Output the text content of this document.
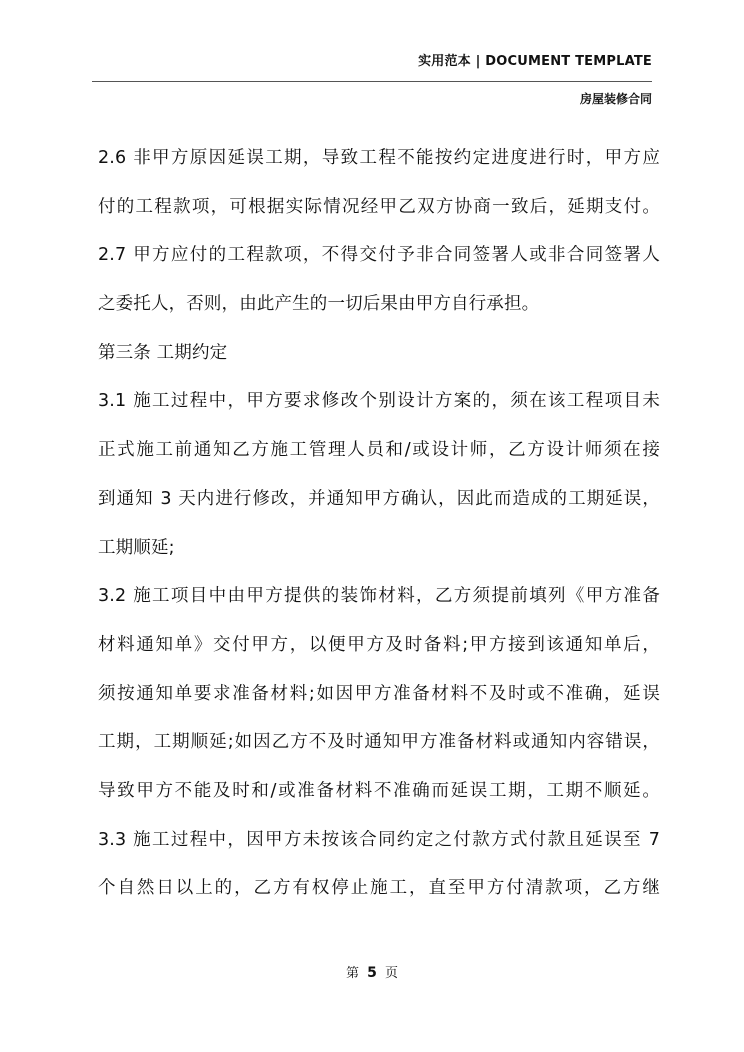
实用范本 | DOCUMENT TEMPLATE
房屋装修合同
2.6 非甲方原因延误工期，导致工程不能按约定进度进行时，甲方应
付的工程款项，可根据实际情况经甲乙双方协商一致后，延期支付。
2.7 甲方应付的工程款项，不得交付予非合同签署人或非合同签署人
之委托人，否则，由此产生的一切后果由甲方自行承担。
第三条 工期约定
3.1 施工过程中，甲方要求修改个别设计方案的，须在该工程项目未
正式施工前通知乙方施工管理人员和/或设计师，乙方设计师须在接
到通知 3 天内进行修改，并通知甲方确认，因此而造成的工期延误，
工期顺延;
3.2 施工项目中由甲方提供的装饰材料，乙方须提前填列《甲方准备
材料通知单》交付甲方，以便甲方及时备料;甲方接到该通知单后，
须按通知单要求准备材料;如因甲方准备材料不及时或不准确，延误
工期，工期顺延;如因乙方不及时通知甲方准备材料或通知内容错误，
导致甲方不能及时和/或准备材料不准确而延误工期，工期不顺延。
3.3 施工过程中，因甲方未按该合同约定之付款方式付款且延误至 7
个自然日以上的，乙方有权停止施工，直至甲方付清款项，乙方继
第 5 页
